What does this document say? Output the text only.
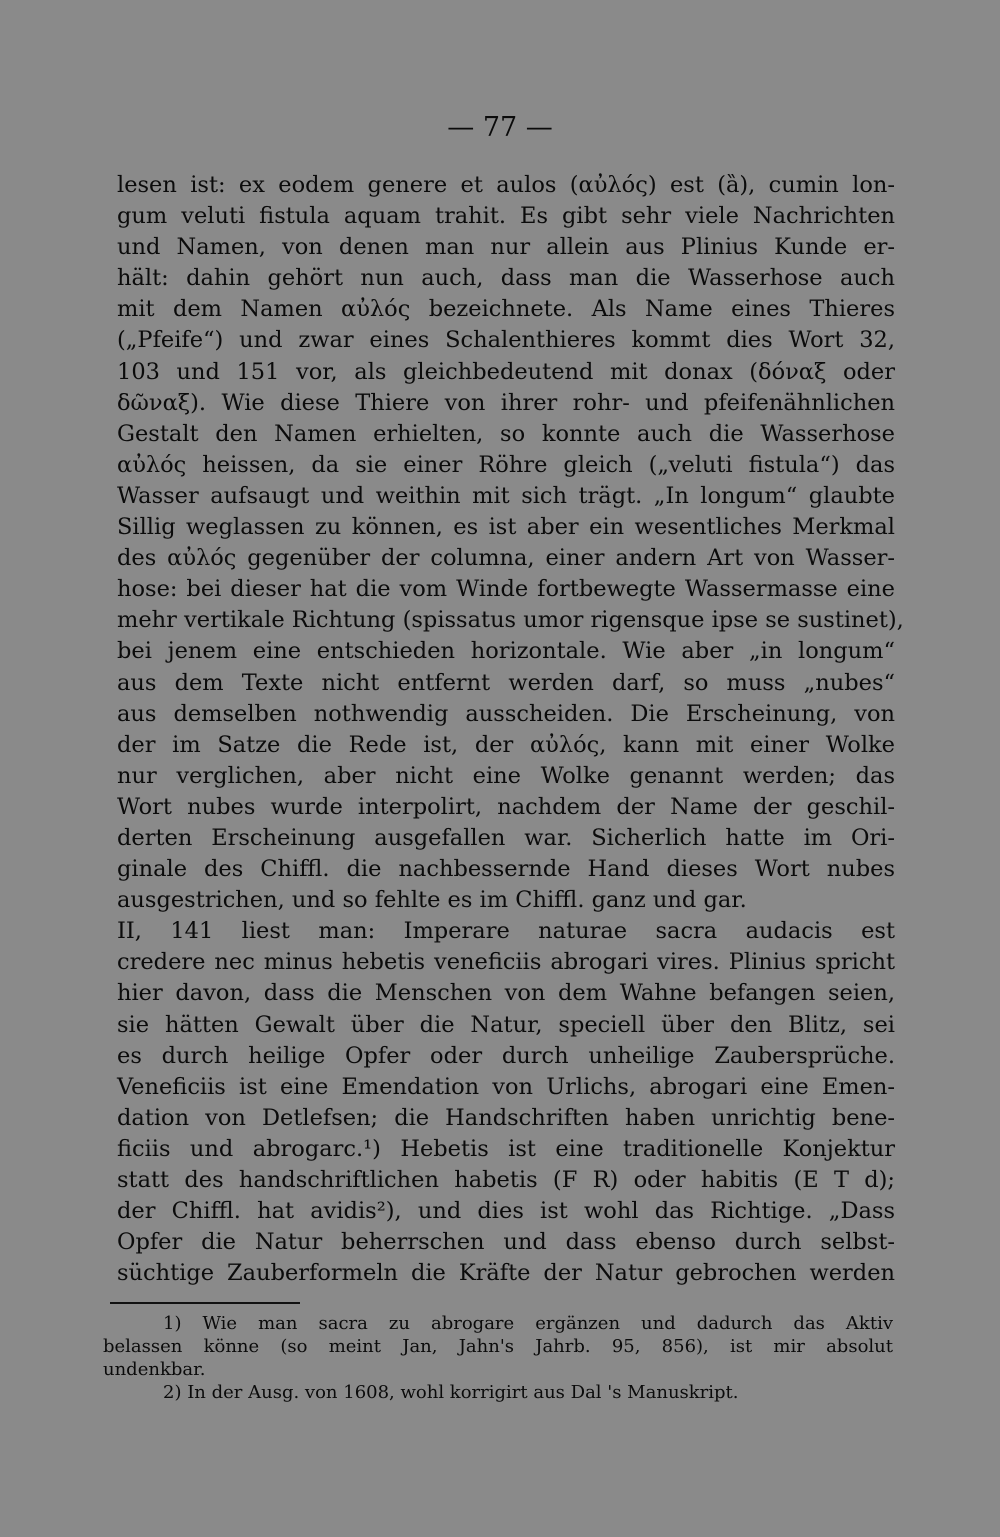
— 77 —
lesen ist: ex eodem genere et aulos (αὐλός) est (ȁ), cumin lon-
gum veluti fistula aquam trahit. Es gibt sehr viele Nachrichten
und Namen, von denen man nur allein aus Plinius Kunde er-
hält: dahin gehört nun auch, dass man die Wasserhose auch
mit dem Namen αὐλός bezeichnete. Als Name eines Thieres
(„Pfeife“) und zwar eines Schalenthieres kommt dies Wort 32,
103 und 151 vor, als gleichbedeutend mit donax (δόναξ oder
δῶναξ). Wie diese Thiere von ihrer rohr- und pfeifenähnlichen
Gestalt den Namen erhielten, so konnte auch die Wasserhose
αὐλός heissen, da sie einer Röhre gleich („veluti fistula“) das
Wasser aufsaugt und weithin mit sich trägt. „In longum“ glaubte
Sillig weglassen zu können, es ist aber ein wesentliches Merkmal
des αὐλός gegenüber der columna, einer andern Art von Wasser-
hose: bei dieser hat die vom Winde fortbewegte Wassermasse eine
mehr vertikale Richtung (spissatus umor rigensque ipse se sustinet),
bei jenem eine entschieden horizontale. Wie aber „in longum“
aus dem Texte nicht entfernt werden darf, so muss „nubes“
aus demselben nothwendig ausscheiden. Die Erscheinung, von
der im Satze die Rede ist, der αὐλός, kann mit einer Wolke
nur verglichen, aber nicht eine Wolke genannt werden; das
Wort nubes wurde interpolirt, nachdem der Name der geschil-
derten Erscheinung ausgefallen war. Sicherlich hatte im Ori-
ginale des Chiffl. die nachbessernde Hand dieses Wort nubes
ausgestrichen, und so fehlte es im Chiffl. ganz und gar.
II, 141 liest man: Imperare naturae sacra audacis est
credere nec minus hebetis veneficiis abrogari vires. Plinius spricht
hier davon, dass die Menschen von dem Wahne befangen seien,
sie hätten Gewalt über die Natur, speciell über den Blitz, sei
es durch heilige Opfer oder durch unheilige Zaubersprüche.
Veneficiis ist eine Emendation von Urlichs, abrogari eine Emen-
dation von Detlefsen; die Handschriften haben unrichtig bene-
ficiis und abrogarc.¹) Hebetis ist eine traditionelle Konjektur
statt des handschriftlichen habetis (F R) oder habitis (E T d);
der Chiffl. hat avidis²), und dies ist wohl das Richtige. „Dass
Opfer die Natur beherrschen und dass ebenso durch selbst-
süchtige Zauberformeln die Kräfte der Natur gebrochen werden
1) Wie man sacra zu abrogare ergänzen und dadurch das Aktiv
belassen könne (so meint Jan, Jahn's Jahrb. 95, 856), ist mir absolut
undenkbar.
2) In der Ausg. von 1608, wohl korrigirt aus Dal 's Manuskript.
